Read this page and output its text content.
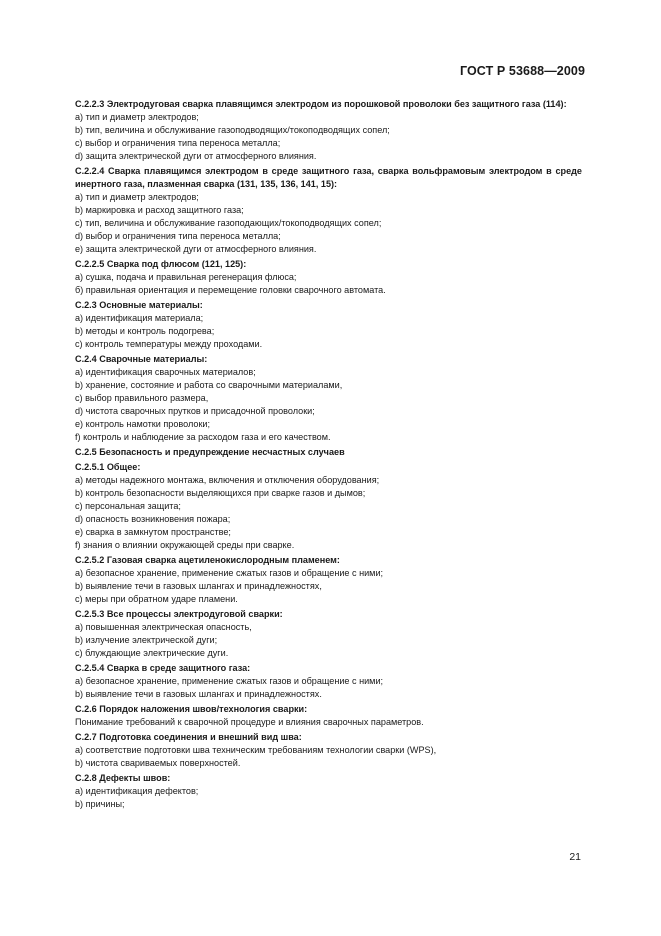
ГОСТ Р 53688—2009
С.2.2.3 Электродуговая сварка плавящимся электродом из порошковой проволоки без защитного газа (114):
a) тип и диаметр электродов;
b) тип, величина и обслуживание газоподводящих/токоподводящих сопел;
c) выбор и ограничения типа переноса металла;
d) защита электрической дуги от атмосферного влияния.
С.2.2.4 Сварка плавящимся электродом в среде защитного газа, сварка вольфрамовым электродом в среде инертного газа, плазменная сварка (131, 135, 136, 141, 15):
a) тип и диаметр электродов;
b) маркировка и расход защитного газа;
c) тип, величина и обслуживание газоподающих/токоподводящих сопел;
d) выбор и ограничения типа переноса металла;
e) защита электрической дуги от атмосферного влияния.
С.2.2.5 Сварка под флюсом (121, 125):
a) сушка, подача и правильная регенерация флюса;
б) правильная ориентация и перемещение головки сварочного автомата.
С.2.3 Основные материалы:
a) идентификация материала;
b) методы и контроль подогрева;
c) контроль температуры между проходами.
С.2.4 Сварочные материалы:
a) идентификация сварочных материалов;
b) хранение, состояние и работа со сварочными материалами,
c) выбор правильного размера,
d) чистота сварочных прутков и присадочной проволоки;
e) контроль намотки проволоки;
f) контроль и наблюдение за расходом газа и его качеством.
С.2.5 Безопасность и предупреждение несчастных случаев
С.2.5.1 Общее:
a) методы надежного монтажа, включения и отключения оборудования;
b) контроль безопасности выделяющихся при сварке газов и дымов;
c) персональная защита;
d) опасность возникновения пожара;
e) сварка в замкнутом пространстве;
f) знания о влиянии окружающей среды при сварке.
С.2.5.2 Газовая сварка ацетиленокислородным пламенем:
a) безопасное хранение, применение сжатых газов и обращение с ними;
b) выявление течи в газовых шлангах и принадлежностях,
c) меры при обратном ударе пламени.
С.2.5.3 Все процессы электродуговой сварки:
a) повышенная электрическая опасность,
b) излучение электрической дуги;
c) блуждающие электрические дуги.
С.2.5.4 Сварка в среде защитного газа:
a) безопасное хранение, применение сжатых газов и обращение с ними;
b) выявление течи в газовых шлангах и принадлежностях.
С.2.6 Порядок наложения швов/технология сварки:
Понимание требований к сварочной процедуре и влияния сварочных параметров.
С.2.7 Подготовка соединения и внешний вид шва:
a) соответствие подготовки шва техническим требованиям технологии сварки (WPS),
b) чистота свариваемых поверхностей.
С.2.8 Дефекты швов:
a) идентификация дефектов;
b) причины;
21
